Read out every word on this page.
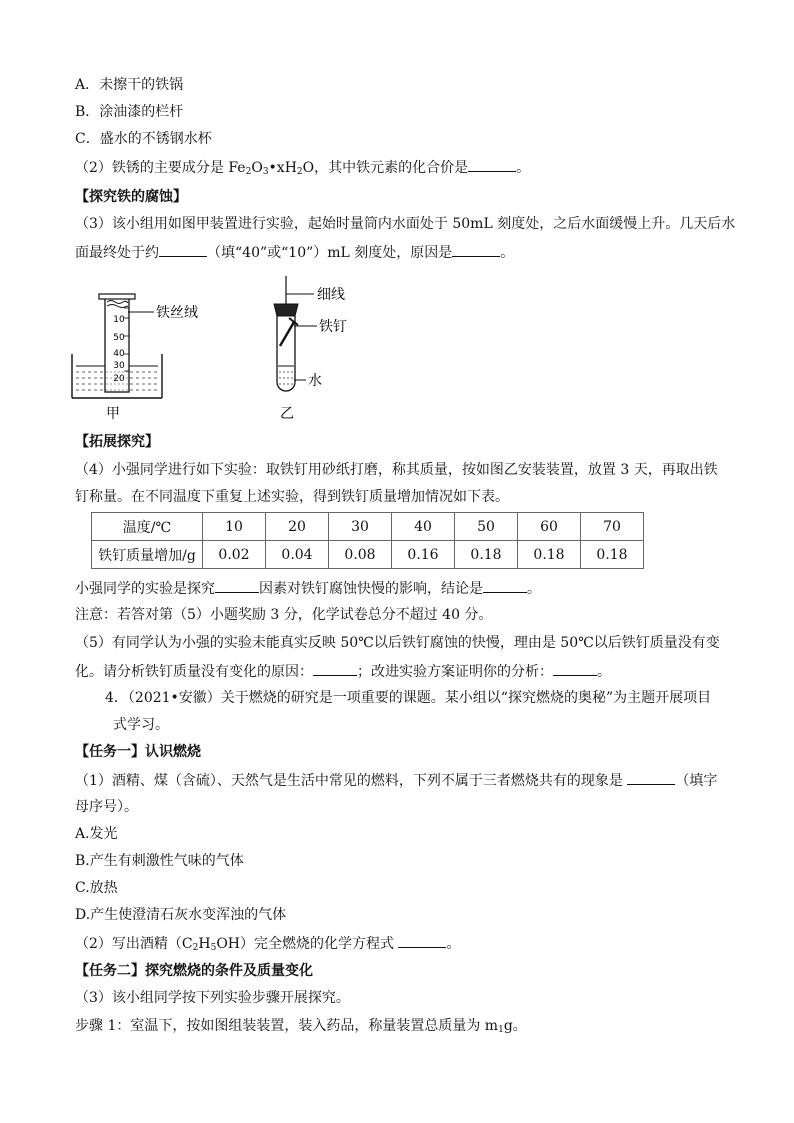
A．未擦干的铁锅
B．涂油漆的栏杆
C．盛水的不锈钢水杯
（2）铁锈的主要成分是 $Fe_2O_3•xH_2O$，其中铁元素的化合价是	。
【探究铁的腐蚀】
（3）该小组用如图甲装置进行实验，起始时量筒内水面处于 50mL 刻度处，之后水面缓慢上升。几天后水
面最终处于约	（填“40”或“10”）mL 刻度处，原因是	。
10
50
40
30
20
铁丝绒
甲
细线
铁钉
水
乙
【拓展探究】
（4）小强同学进行如下实验：取铁钉用砂纸打磨，称其质量，按如图乙安装装置，放置 3 天，再取出铁
钉称量。在不同温度下重复上述实验，得到铁钉质量增加情况如下表。
温度/℃	10	20	30	40	50	60	70
铁钉质量增加/g	0.02	0.04	0.08	0.16	0.18	0.18	0.18
小强同学的实验是探究	因素对铁钉腐蚀快慢的影响，结论是	。
注意：若答对第（5）小题奖励 3 分，化学试卷总分不超过 40 分。
（5）有同学认为小强的实验未能真实反映 50℃以后铁钉腐蚀的快慢，理由是 50℃以后铁钉质量没有变
化。请分析铁钉质量没有变化的原因：	；改进实验方案证明你的分析：	。
4．（2021•安徽）关于燃烧的研究是一项重要的课题。某小组以“探究燃烧的奥秘”为主题开展项目
式学习。
【任务一】认识燃烧
（1）酒精、煤（含硫）、天然气是生活中常见的燃料，下列不属于三者燃烧共有的现象是	（填字
母序号）。
A.发光
B.产生有刺激性气味的气体
C.放热
D.产生使澄清石灰水变浑浊的气体
（2）写出酒精$(C_2H_5OH)$完全燃烧的化学方程式	。
【任务二】探究燃烧的条件及质量变化
（3）该小组同学按下列实验步骤开展探究。
步骤 1：室温下，按如图组装装置，装入药品，称量装置总质量为 $m_1g$。
